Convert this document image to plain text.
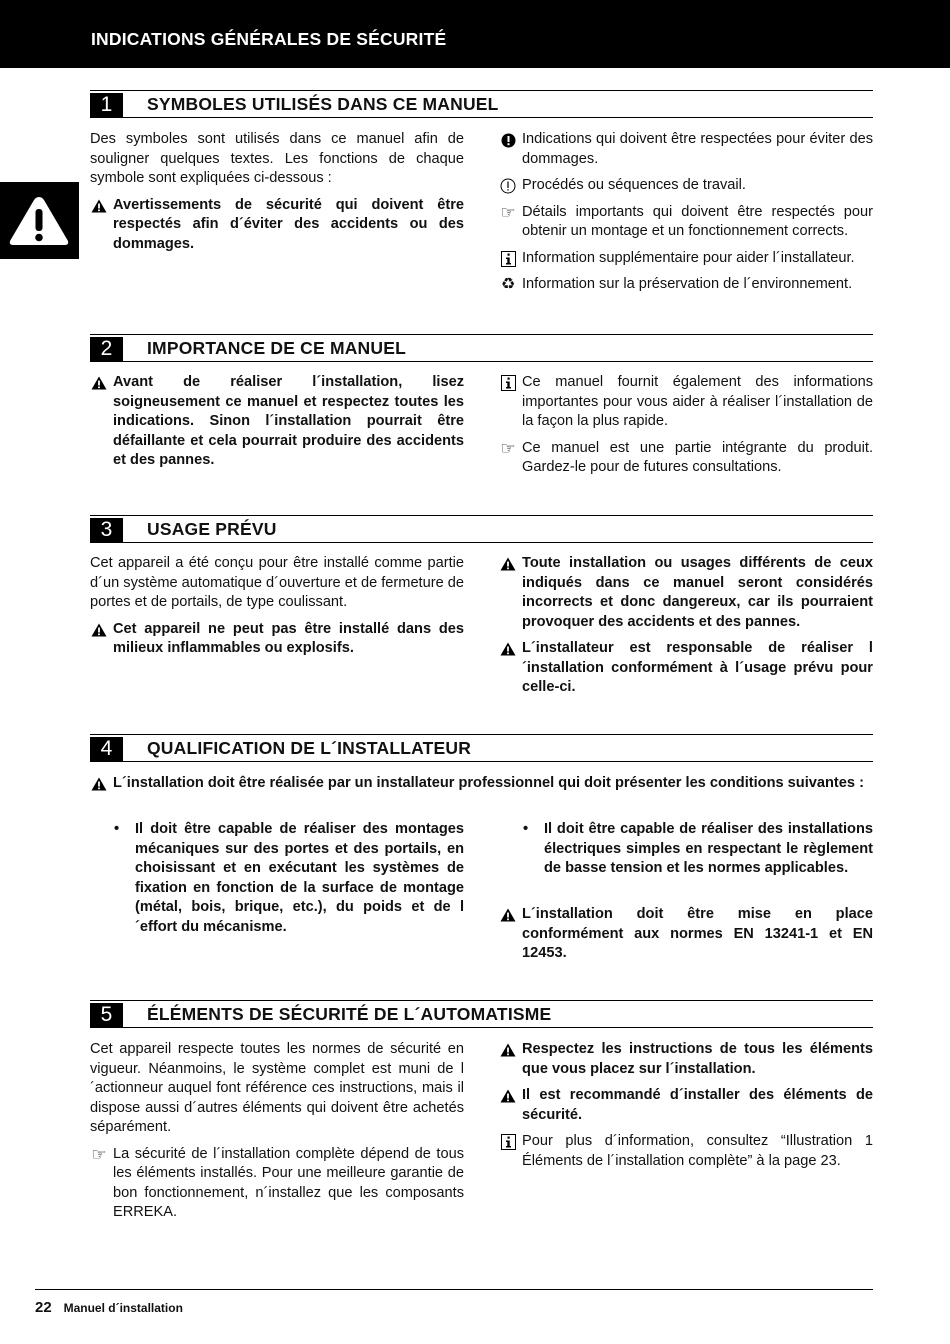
INDICATIONS GÉNÉRALES DE SÉCURITÉ
1	SYMBOLES UTILISÉS DANS CE MANUEL

Des symboles sont utilisés dans ce manuel afin de souligner quelques textes. Les fonctions de chaque symbole sont expliquées ci-dessous :

Avertissements de sécurité qui doivent être respectés afin d´éviter des accidents ou des dommages.
Indications qui doivent être respectées pour éviter des dommages.
Procédés ou séquences de travail.
☞ Détails importants qui doivent être respectés pour obtenir un montage et un fonctionnement corrects.
Information supplémentaire pour aider l´installateur.
♻ Information sur la préservation de l´environnement.
2	IMPORTANCE DE CE MANUEL
Avant de réaliser l´installation, lisez soigneusement ce manuel et respectez toutes les indications. Sinon l´installation pourrait être défaillante et cela pourrait produire des accidents et des pannes.
Ce manuel fournit également des informations importantes pour vous aider à réaliser l´installation de la façon la plus rapide.
☞ Ce manuel est une partie intégrante du produit. Gardez-le pour de futures consultations.
3	USAGE PRÉVU

Cet appareil a été conçu pour être installé comme partie d´un système automatique d´ouverture et de fermeture de portes et de portails, de type coulissant.

Cet appareil ne peut pas être installé dans des milieux inflammables ou explosifs.
Toute installation ou usages différents de ceux indiqués dans ce manuel seront considérés incorrects et donc dangereux, car ils pourraient provoquer des accidents et des pannes.
L´installateur est responsable de réaliser l´installation conformément à l´usage prévu pour celle-ci.
4	QUALIFICATION DE L´INSTALLATEUR
L´installation doit être réalisée par un installateur professionnel qui doit présenter les conditions suivantes :
• Il doit être capable de réaliser des montages mécaniques sur des portes et des portails, en choisissant et en exécutant les systèmes de fixation en fonction de la surface de montage (métal, bois, brique, etc.), du poids et de l´effort du mécanisme.
• Il doit être capable de réaliser des installations électriques simples en respectant le règlement de basse tension et les normes applicables.
L´installation doit être mise en place conformément aux normes EN 13241-1 et EN 12453.
5	ÉLÉMENTS DE SÉCURITÉ DE L´AUTOMATISME

Cet appareil respecte toutes les normes de sécurité en vigueur. Néanmoins, le système complet est muni de l´actionneur auquel font référence ces instructions, mais il dispose aussi d´autres éléments qui doivent être achetés séparément.

☞ La sécurité de l´installation complète dépend de tous les éléments installés. Pour une meilleure garantie de bon fonctionnement, n´installez que les composants ERREKA.
Respectez les instructions de tous les éléments que vous placez sur l´installation.
Il est recommandé d´installer des éléments de sécurité.
Pour plus d´information, consultez “Illustration 1 Éléments de l´installation complète” à la page 23.
22 Manuel d´installation
